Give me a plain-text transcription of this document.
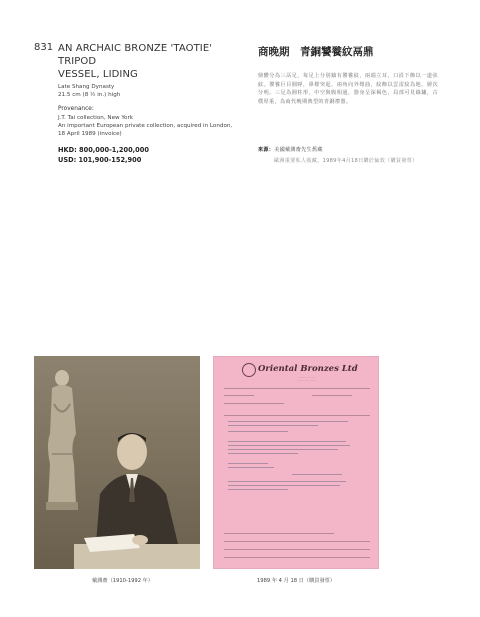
831 AN ARCHAIC BRONZE 'TAOTIE' TRIPOD
VESSEL, LIDING
Late Shang Dynasty
21.5 cm (8 ½ in.) high
Provenance:
J.T. Tai collection, New York
An important European private collection, acquired in London,
18 April 1989 (invoice)
HKD: 800,000-1,200,000
USD: 101,900-152,900
商晚期　青銅饕餮紋鬲鼎
鼎體分為三鬲足，每足上分別鑄有饕餮紋，兩端立耳，口沿下飾以一道弦紋。饕餮巨目圓睜，鼻樑突起，兩角向外彎曲，紋飾以雲雷紋為地，層次分明。三足為圓柱形，中空與腹相通，器身呈深褐色，局部可見綠鏽，古樸厚重，為商代晚期典型的青銅禮器。
來源：美國戴潤齋先生舊藏
歐洲重要私人收藏，1989年4月18日購於倫敦（購買發票）
戴潤齋（1910-1992 年）
Oriental Bronzes Ltd
·········· ·········
········ ····· ········
1989 年 4 月 18 日（購買發票）
